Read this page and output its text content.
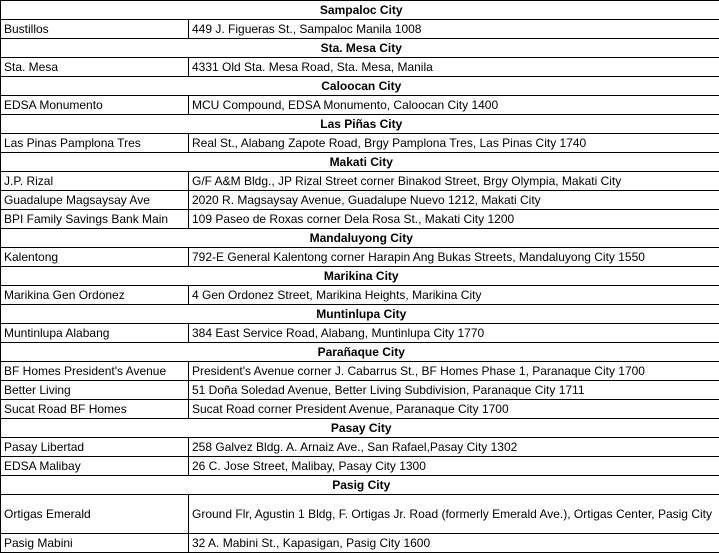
	Sampaloc City
Bustillos	449 J. Figueras St., Sampaloc Manila 1008
	Sta. Mesa City
Sta. Mesa	4331 Old Sta. Mesa Road, Sta. Mesa, Manila
	Caloocan City
EDSA Monumento	MCU Compound, EDSA Monumento, Caloocan City 1400
	Las Piñas City
Las Pinas Pamplona Tres	Real St., Alabang Zapote Road, Brgy Pamplona Tres, Las Pinas City 1740
	Makati City
J.P. Rizal	G/F A&M Bldg., JP Rizal Street corner Binakod Street, Brgy Olympia, Makati City
Guadalupe Magsaysay Ave	2020 R. Magsaysay Avenue, Guadalupe Nuevo 1212, Makati City
BPI Family Savings Bank Main	109 Paseo de Roxas corner Dela Rosa St., Makati City 1200
	Mandaluyong City
Kalentong	792-E General Kalentong corner Harapin Ang Bukas Streets, Mandaluyong City 1550
	Marikina City
Marikina Gen Ordonez	4 Gen Ordonez Street, Marikina Heights, Marikina City
	Muntinlupa City
Muntinlupa Alabang	384 East Service Road, Alabang, Muntinlupa City 1770
	Parañaque City
BF Homes President's Avenue	President's Avenue corner J. Cabarrus St., BF Homes Phase 1, Paranaque City 1700
Better Living	51 Doña Soledad Avenue, Better Living Subdivision, Paranaque City 1711
Sucat Road BF Homes	Sucat Road corner President Avenue, Paranaque City 1700
	Pasay City
Pasay Libertad	258 Galvez Bldg. A. Arnaiz Ave., San Rafael,Pasay City 1302
EDSA Malibay	26 C. Jose Street, Malibay, Pasay City 1300
	Pasig City
Ortigas Emerald	Ground Flr, Agustin 1 Bldg, F. Ortigas Jr. Road (formerly Emerald Ave.), Ortigas Center, Pasig City
Pasig Mabini	32 A. Mabini St., Kapasigan, Pasig City 1600
